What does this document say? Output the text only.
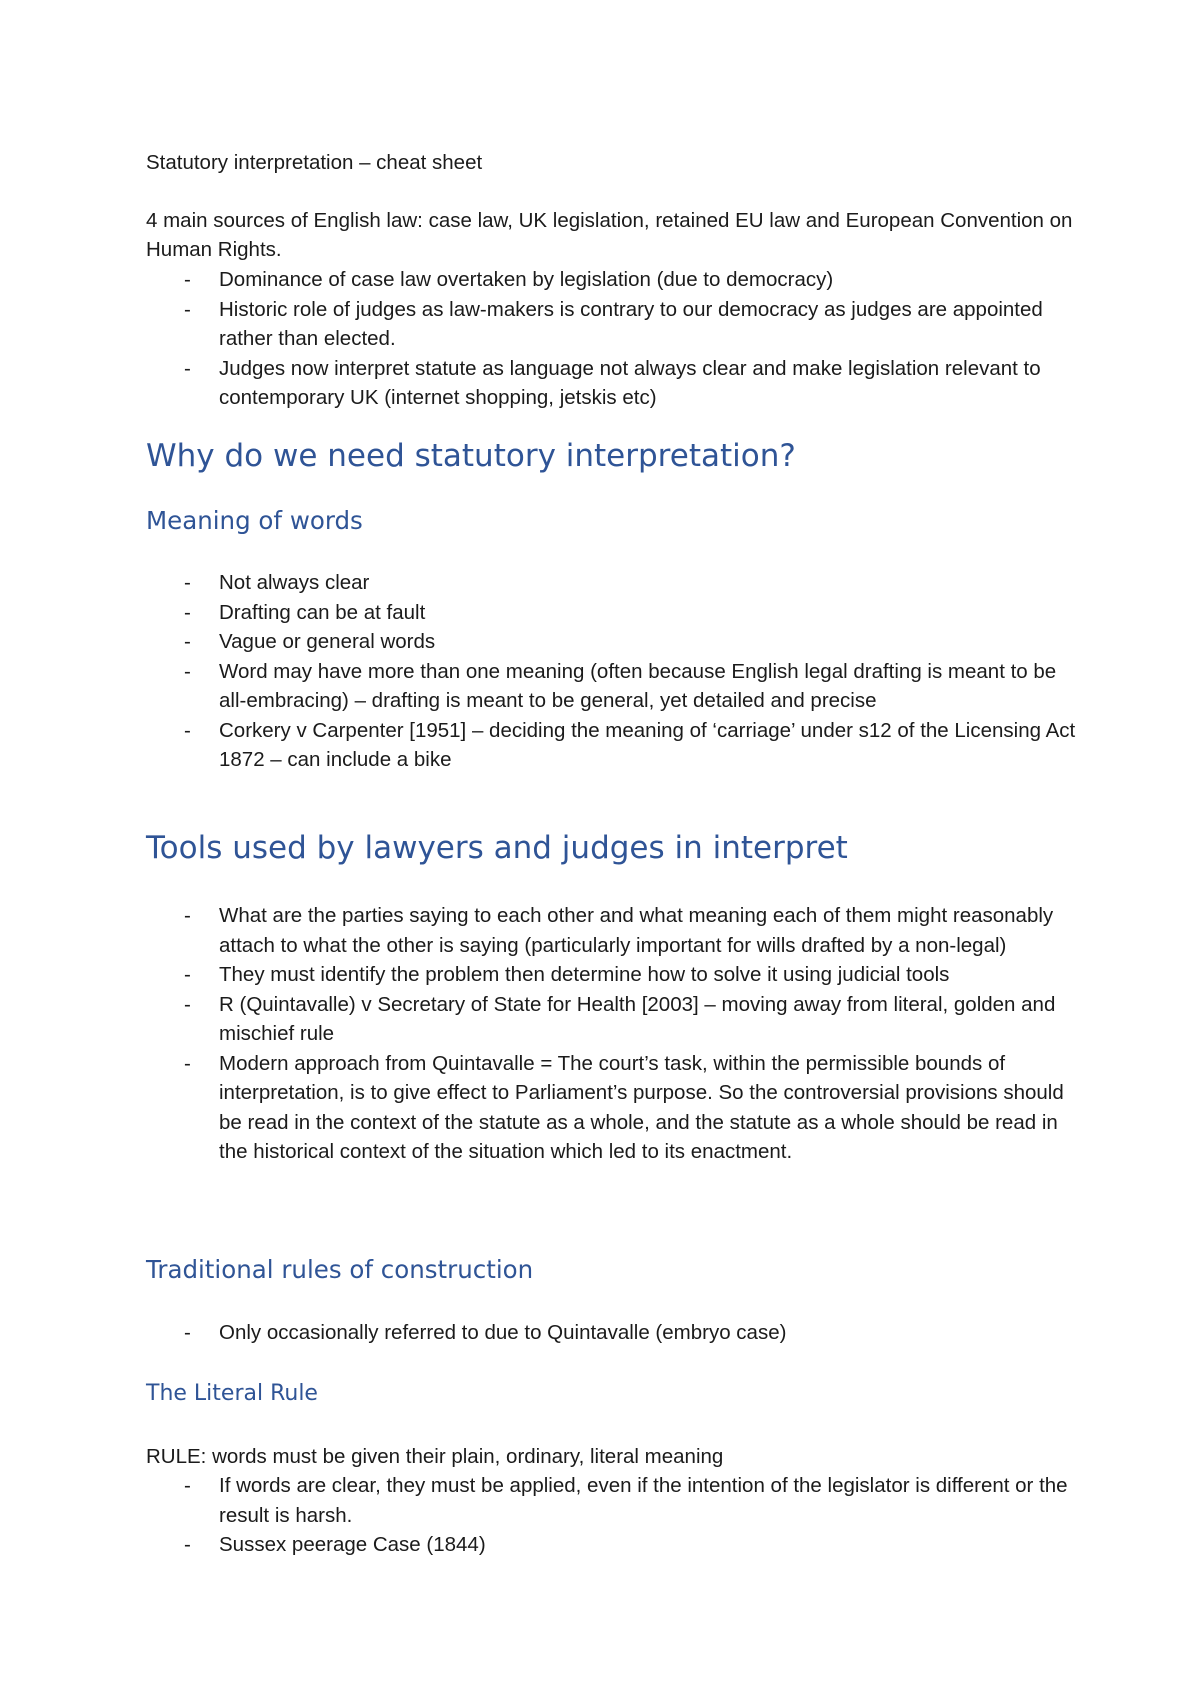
Statutory interpretation – cheat sheet
4 main sources of English law: case law, UK legislation, retained EU law and European Convention on Human Rights.
- Dominance of case law overtaken by legislation (due to democracy)
- Historic role of judges as law-makers is contrary to our democracy as judges are appointed rather than elected.
- Judges now interpret statute as language not always clear and make legislation relevant to contemporary UK (internet shopping, jetskis etc)
Why do we need statutory interpretation?
Meaning of words
- Not always clear
- Drafting can be at fault
- Vague or general words
- Word may have more than one meaning (often because English legal drafting is meant to be all-embracing) – drafting is meant to be general, yet detailed and precise
- Corkery v Carpenter [1951] – deciding the meaning of ‘carriage’ under s12 of the Licensing Act 1872 – can include a bike
Tools used by lawyers and judges in interpret
- What are the parties saying to each other and what meaning each of them might reasonably attach to what the other is saying (particularly important for wills drafted by a non-legal)
- They must identify the problem then determine how to solve it using judicial tools
- R (Quintavalle) v Secretary of State for Health [2003] – moving away from literal, golden and mischief rule
- Modern approach from Quintavalle = The court’s task, within the permissible bounds of interpretation, is to give effect to Parliament’s purpose. So the controversial provisions should be read in the context of the statute as a whole, and the statute as a whole should be read in the historical context of the situation which led to its enactment.
Traditional rules of construction
- Only occasionally referred to due to Quintavalle (embryo case)
The Literal Rule
RULE: words must be given their plain, ordinary, literal meaning
- If words are clear, they must be applied, even if the intention of the legislator is different or the result is harsh.
- Sussex peerage Case (1844)
